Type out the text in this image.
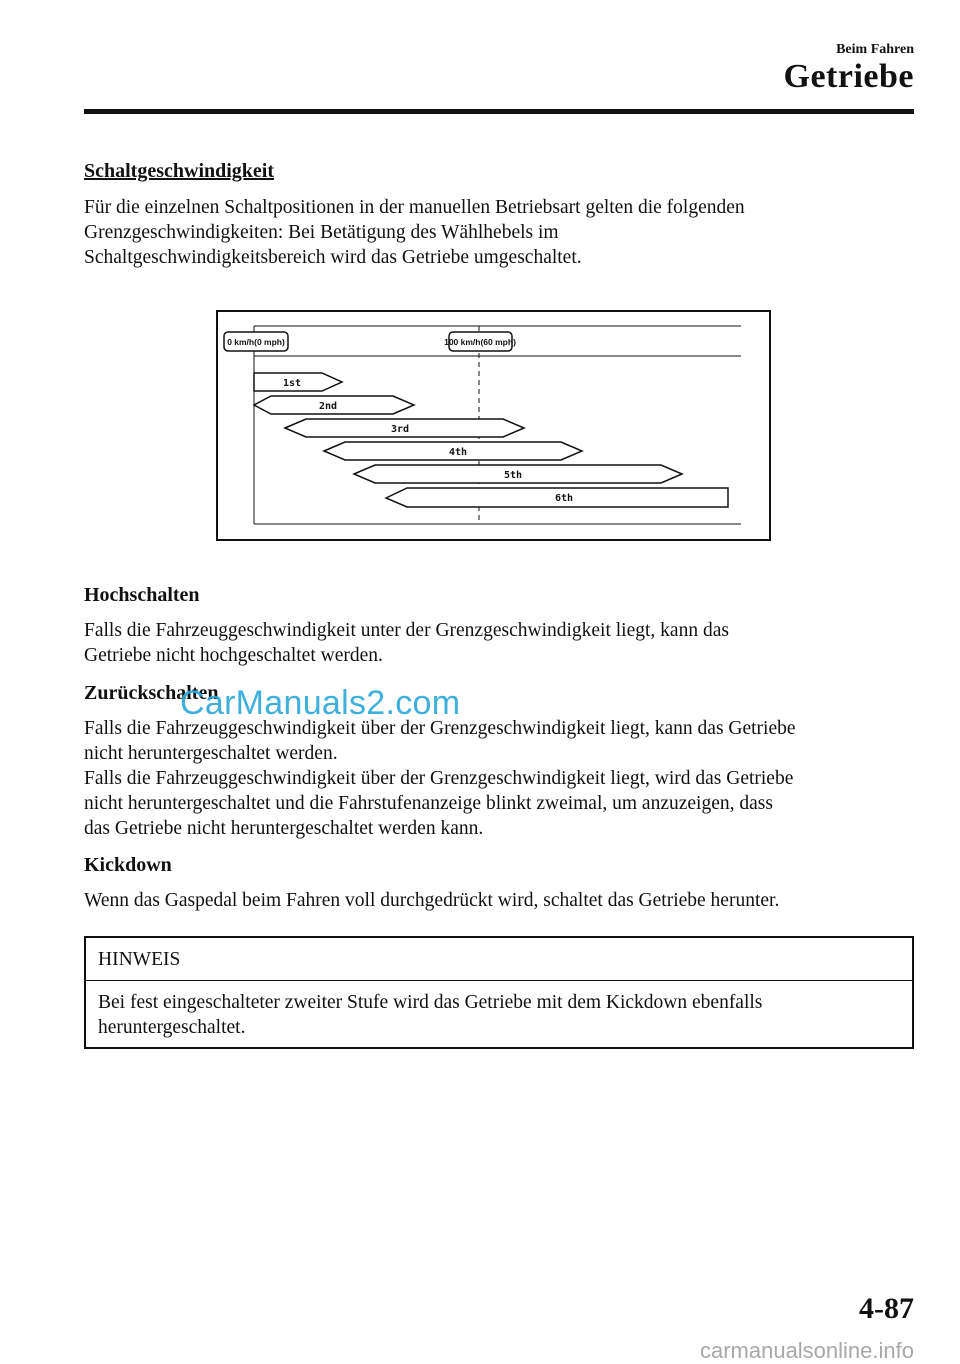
Beim Fahren
Getriebe
Schaltgeschwindigkeit
Für die einzelnen Schaltpositionen in der manuellen Betriebsart gelten die folgenden
Grenzgeschwindigkeiten: Bei Betätigung des Wählhebels im
Schaltgeschwindigkeitsbereich wird das Getriebe umgeschaltet.
0 km/h(0 mph)	100 km/h(60 mph)
1st
2nd
3rd
4th
5th
6th
Hochschalten
Falls die Fahrzeuggeschwindigkeit unter der Grenzgeschwindigkeit liegt, kann das
Getriebe nicht hochgeschaltet werden.
Zurückschalten
Falls die Fahrzeuggeschwindigkeit über der Grenzgeschwindigkeit liegt, kann das Getriebe
nicht heruntergeschaltet werden.
Falls die Fahrzeuggeschwindigkeit über der Grenzgeschwindigkeit liegt, wird das Getriebe
nicht heruntergeschaltet und die Fahrstufenanzeige blinkt zweimal, um anzuzeigen, dass
das Getriebe nicht heruntergeschaltet werden kann.
Kickdown
Wenn das Gaspedal beim Fahren voll durchgedrückt wird, schaltet das Getriebe herunter.
HINWEIS
Bei fest eingeschalteter zweiter Stufe wird das Getriebe mit dem Kickdown ebenfalls
heruntergeschaltet.
CarManuals2.com
4-87
carmanualsonline.info
